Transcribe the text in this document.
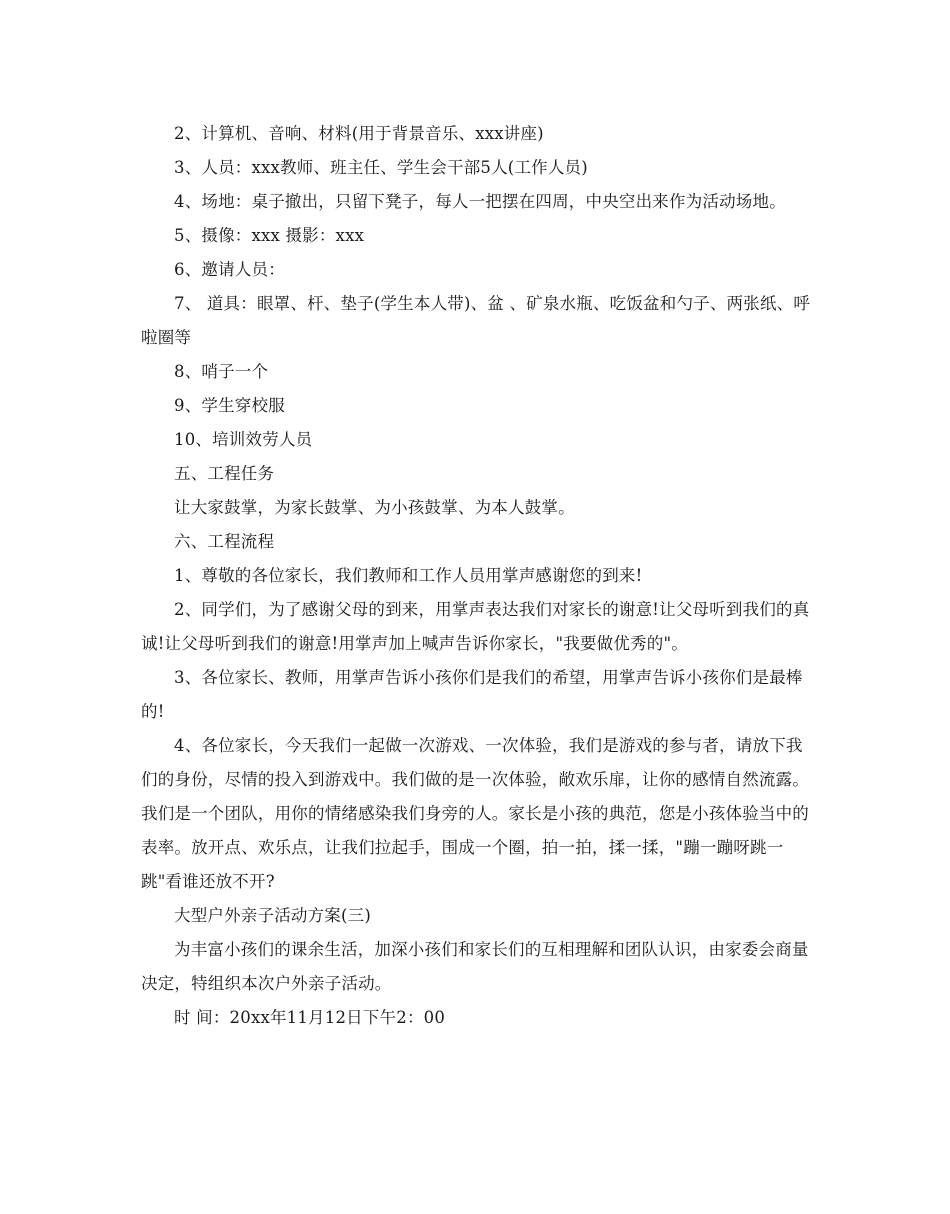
2、计算机、音响、材料(用于背景音乐、xxx讲座)

3、人员：xxx教师、班主任、学生会干部5人(工作人员)

4、场地：桌子撤出，只留下凳子，每人一把摆在四周，中央空出来作为活动场地。

5、摄像：xxx 摄影：xxx

6、邀请人员：

7、 道具：眼罩、杆、垫子(学生本人带)、盆 、矿泉水瓶、吃饭盆和勺子、两张纸、呼啦圈等

8、哨子一个

9、学生穿校服

10、培训效劳人员

五、工程任务

让大家鼓掌，为家长鼓掌、为小孩鼓掌、为本人鼓掌。

六、工程流程

1、尊敬的各位家长，我们教师和工作人员用掌声感谢您的到来!

2、同学们，为了感谢父母的到来，用掌声表达我们对家长的谢意!让父母听到我们的真诚!让父母听到我们的谢意!用掌声加上喊声告诉你家长，"我要做优秀的"。

3、各位家长、教师，用掌声告诉小孩你们是我们的希望，用掌声告诉小孩你们是最棒的!

4、各位家长，今天我们一起做一次游戏、一次体验，我们是游戏的参与者，请放下我们的身份，尽情的投入到游戏中。我们做的是一次体验，敞欢乐扉，让你的感情自然流露。我们是一个团队，用你的情绪感染我们身旁的人。家长是小孩的典范，您是小孩体验当中的表率。放开点、欢乐点，让我们拉起手，围成一个圈，拍一拍，揉一揉，"蹦一蹦呀跳一跳"看谁还放不开?

大型户外亲子活动方案(三)

为丰富小孩们的课余生活，加深小孩们和家长们的互相理解和团队认识，由家委会商量决定，特组织本次户外亲子活动。

时 间：20xx年11月12日下午2：00
